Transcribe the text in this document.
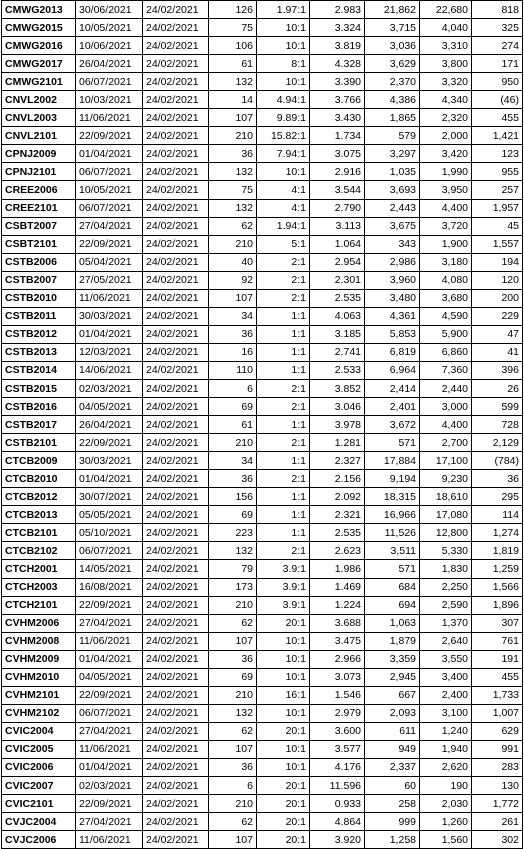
CMWG2013	30/06/2021	24/02/2021	126	1.97:1	2.983	21,862	22,680	818
CMWG2015	10/05/2021	24/02/2021	75	10:1	3.324	3,715	4,040	325
CMWG2016	10/06/2021	24/02/2021	106	10:1	3.819	3,036	3,310	274
CMWG2017	26/04/2021	24/02/2021	61	8:1	4.328	3,629	3,800	171
CMWG2101	06/07/2021	24/02/2021	132	10:1	3.390	2,370	3,320	950
CNVL2002	10/03/2021	24/02/2021	14	4.94:1	3.766	4,386	4,340	(46)
CNVL2003	11/06/2021	24/02/2021	107	9.89:1	3.430	1,865	2,320	455
CNVL2101	22/09/2021	24/02/2021	210	15.82:1	1.734	579	2,000	1,421
CPNJ2009	01/04/2021	24/02/2021	36	7.94:1	3.075	3,297	3,420	123
CPNJ2101	06/07/2021	24/02/2021	132	10:1	2.916	1,035	1,990	955
CREE2006	10/05/2021	24/02/2021	75	4:1	3.544	3,693	3,950	257
CREE2101	06/07/2021	24/02/2021	132	4:1	2.790	2,443	4,400	1,957
CSBT2007	27/04/2021	24/02/2021	62	1.94:1	3.113	3,675	3,720	45
CSBT2101	22/09/2021	24/02/2021	210	5:1	1.064	343	1,900	1,557
CSTB2006	05/04/2021	24/02/2021	40	2:1	2.954	2,986	3,180	194
CSTB2007	27/05/2021	24/02/2021	92	2:1	2.301	3,960	4,080	120
CSTB2010	11/06/2021	24/02/2021	107	2:1	2.535	3,480	3,680	200
CSTB2011	30/03/2021	24/02/2021	34	1:1	4.063	4,361	4,590	229
CSTB2012	01/04/2021	24/02/2021	36	1:1	3.185	5,853	5,900	47
CSTB2013	12/03/2021	24/02/2021	16	1:1	2.741	6,819	6,860	41
CSTB2014	14/06/2021	24/02/2021	110	1:1	2.533	6,964	7,360	396
CSTB2015	02/03/2021	24/02/2021	6	2:1	3.852	2,414	2,440	26
CSTB2016	04/05/2021	24/02/2021	69	2:1	3.046	2,401	3,000	599
CSTB2017	26/04/2021	24/02/2021	61	1:1	3.978	3,672	4,400	728
CSTB2101	22/09/2021	24/02/2021	210	2:1	1.281	571	2,700	2,129
CTCB2009	30/03/2021	24/02/2021	34	1:1	2.327	17,884	17,100	(784)
CTCB2010	01/04/2021	24/02/2021	36	2:1	2.156	9,194	9,230	36
CTCB2012	30/07/2021	24/02/2021	156	1:1	2.092	18,315	18,610	295
CTCB2013	05/05/2021	24/02/2021	69	1:1	2.321	16,966	17,080	114
CTCB2101	05/10/2021	24/02/2021	223	1:1	2.535	11,526	12,800	1,274
CTCB2102	06/07/2021	24/02/2021	132	2:1	2.623	3,511	5,330	1,819
CTCH2001	14/05/2021	24/02/2021	79	3.9:1	1.986	571	1,830	1,259
CTCH2003	16/08/2021	24/02/2021	173	3.9:1	1.469	684	2,250	1,566
CTCH2101	22/09/2021	24/02/2021	210	3.9:1	1.224	694	2,590	1,896
CVHM2006	27/04/2021	24/02/2021	62	20:1	3.688	1,063	1,370	307
CVHM2008	11/06/2021	24/02/2021	107	10:1	3.475	1,879	2,640	761
CVHM2009	01/04/2021	24/02/2021	36	10:1	2.966	3,359	3,550	191
CVHM2010	04/05/2021	24/02/2021	69	10:1	3.073	2,945	3,400	455
CVHM2101	22/09/2021	24/02/2021	210	16:1	1.546	667	2,400	1,733
CVHM2102	06/07/2021	24/02/2021	132	10:1	2.979	2,093	3,100	1,007
CVIC2004	27/04/2021	24/02/2021	62	20:1	3.600	611	1,240	629
CVIC2005	11/06/2021	24/02/2021	107	10:1	3.577	949	1,940	991
CVIC2006	01/04/2021	24/02/2021	36	10:1	4.176	2,337	2,620	283
CVIC2007	02/03/2021	24/02/2021	6	20:1	11.596	60	190	130
CVIC2101	22/09/2021	24/02/2021	210	20:1	0.933	258	2,030	1,772
CVJC2004	27/04/2021	24/02/2021	62	20:1	4.864	999	1,260	261
CVJC2006	11/06/2021	24/02/2021	107	20:1	3.920	1,258	1,560	302
